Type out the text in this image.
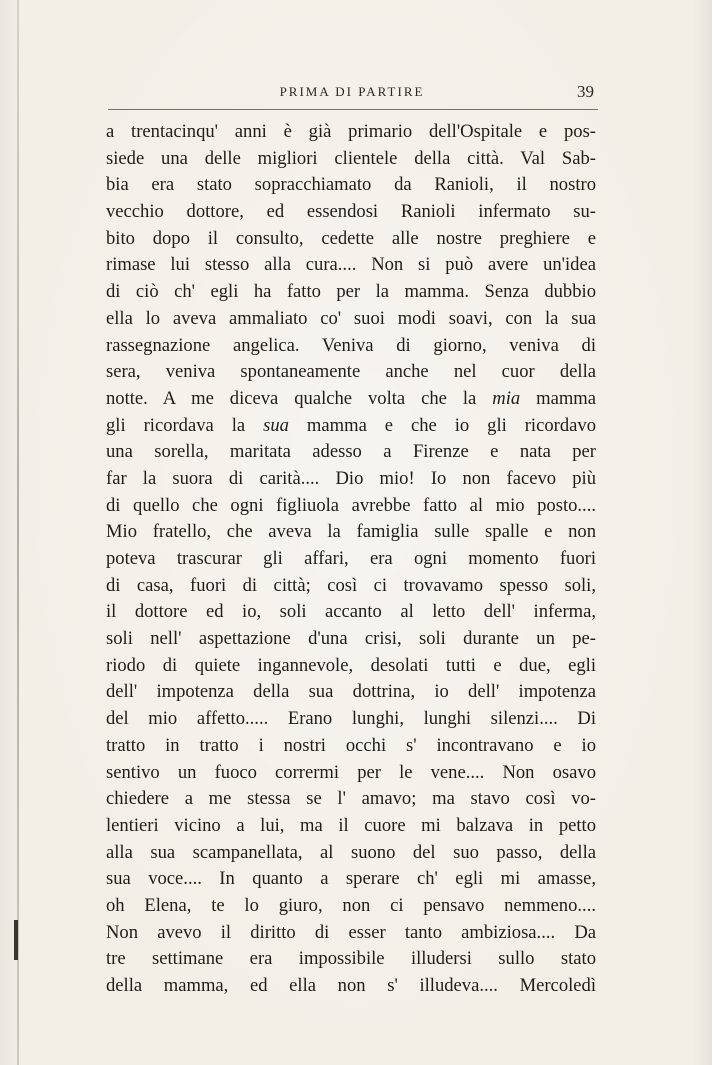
PRIMA DI PARTIRE	39
a trentacinqu' anni è già primario dell'Ospitale e pos-
siede una delle migliori clientele della città. Val Sab-
bia era stato sopracchiamato da Ranioli, il nostro
vecchio dottore, ed essendosi Ranioli infermato su-
bito dopo il consulto, cedette alle nostre preghiere e
rimase lui stesso alla cura.... Non si può avere un'idea
di ciò ch' egli ha fatto per la mamma. Senza dubbio
ella lo aveva ammaliato co' suoi modi soavi, con la sua
rassegnazione angelica. Veniva di giorno, veniva di
sera, veniva spontaneamente anche nel cuor della
notte. A me diceva qualche volta che la mia mamma
gli ricordava la sua mamma e che io gli ricordavo
una sorella, maritata adesso a Firenze e nata per
far la suora di carità.... Dio mio! Io non facevo più
di quello che ogni figliuola avrebbe fatto al mio posto....
Mio fratello, che aveva la famiglia sulle spalle e non
poteva trascurar gli affari, era ogni momento fuori
di casa, fuori di città; così ci trovavamo spesso soli,
il dottore ed io, soli accanto al letto dell' inferma,
soli nell' aspettazione d'una crisi, soli durante un pe-
riodo di quiete ingannevole, desolati tutti e due, egli
dell' impotenza della sua dottrina, io dell' impotenza
del mio affetto..... Erano lunghi, lunghi silenzi.... Di
tratto in tratto i nostri occhi s' incontravano e io
sentivo un fuoco corrermi per le vene.... Non osavo
chiedere a me stessa se l' amavo; ma stavo così vo-
lentieri vicino a lui, ma il cuore mi balzava in petto
alla sua scampanellata, al suono del suo passo, della
sua voce.... In quanto a sperare ch' egli mi amasse,
oh Elena, te lo giuro, non ci pensavo nemmeno....
Non avevo il diritto di esser tanto ambiziosa.... Da
tre settimane era impossibile illudersi sullo stato
della mamma, ed ella non s' illudeva.... Mercoledì
